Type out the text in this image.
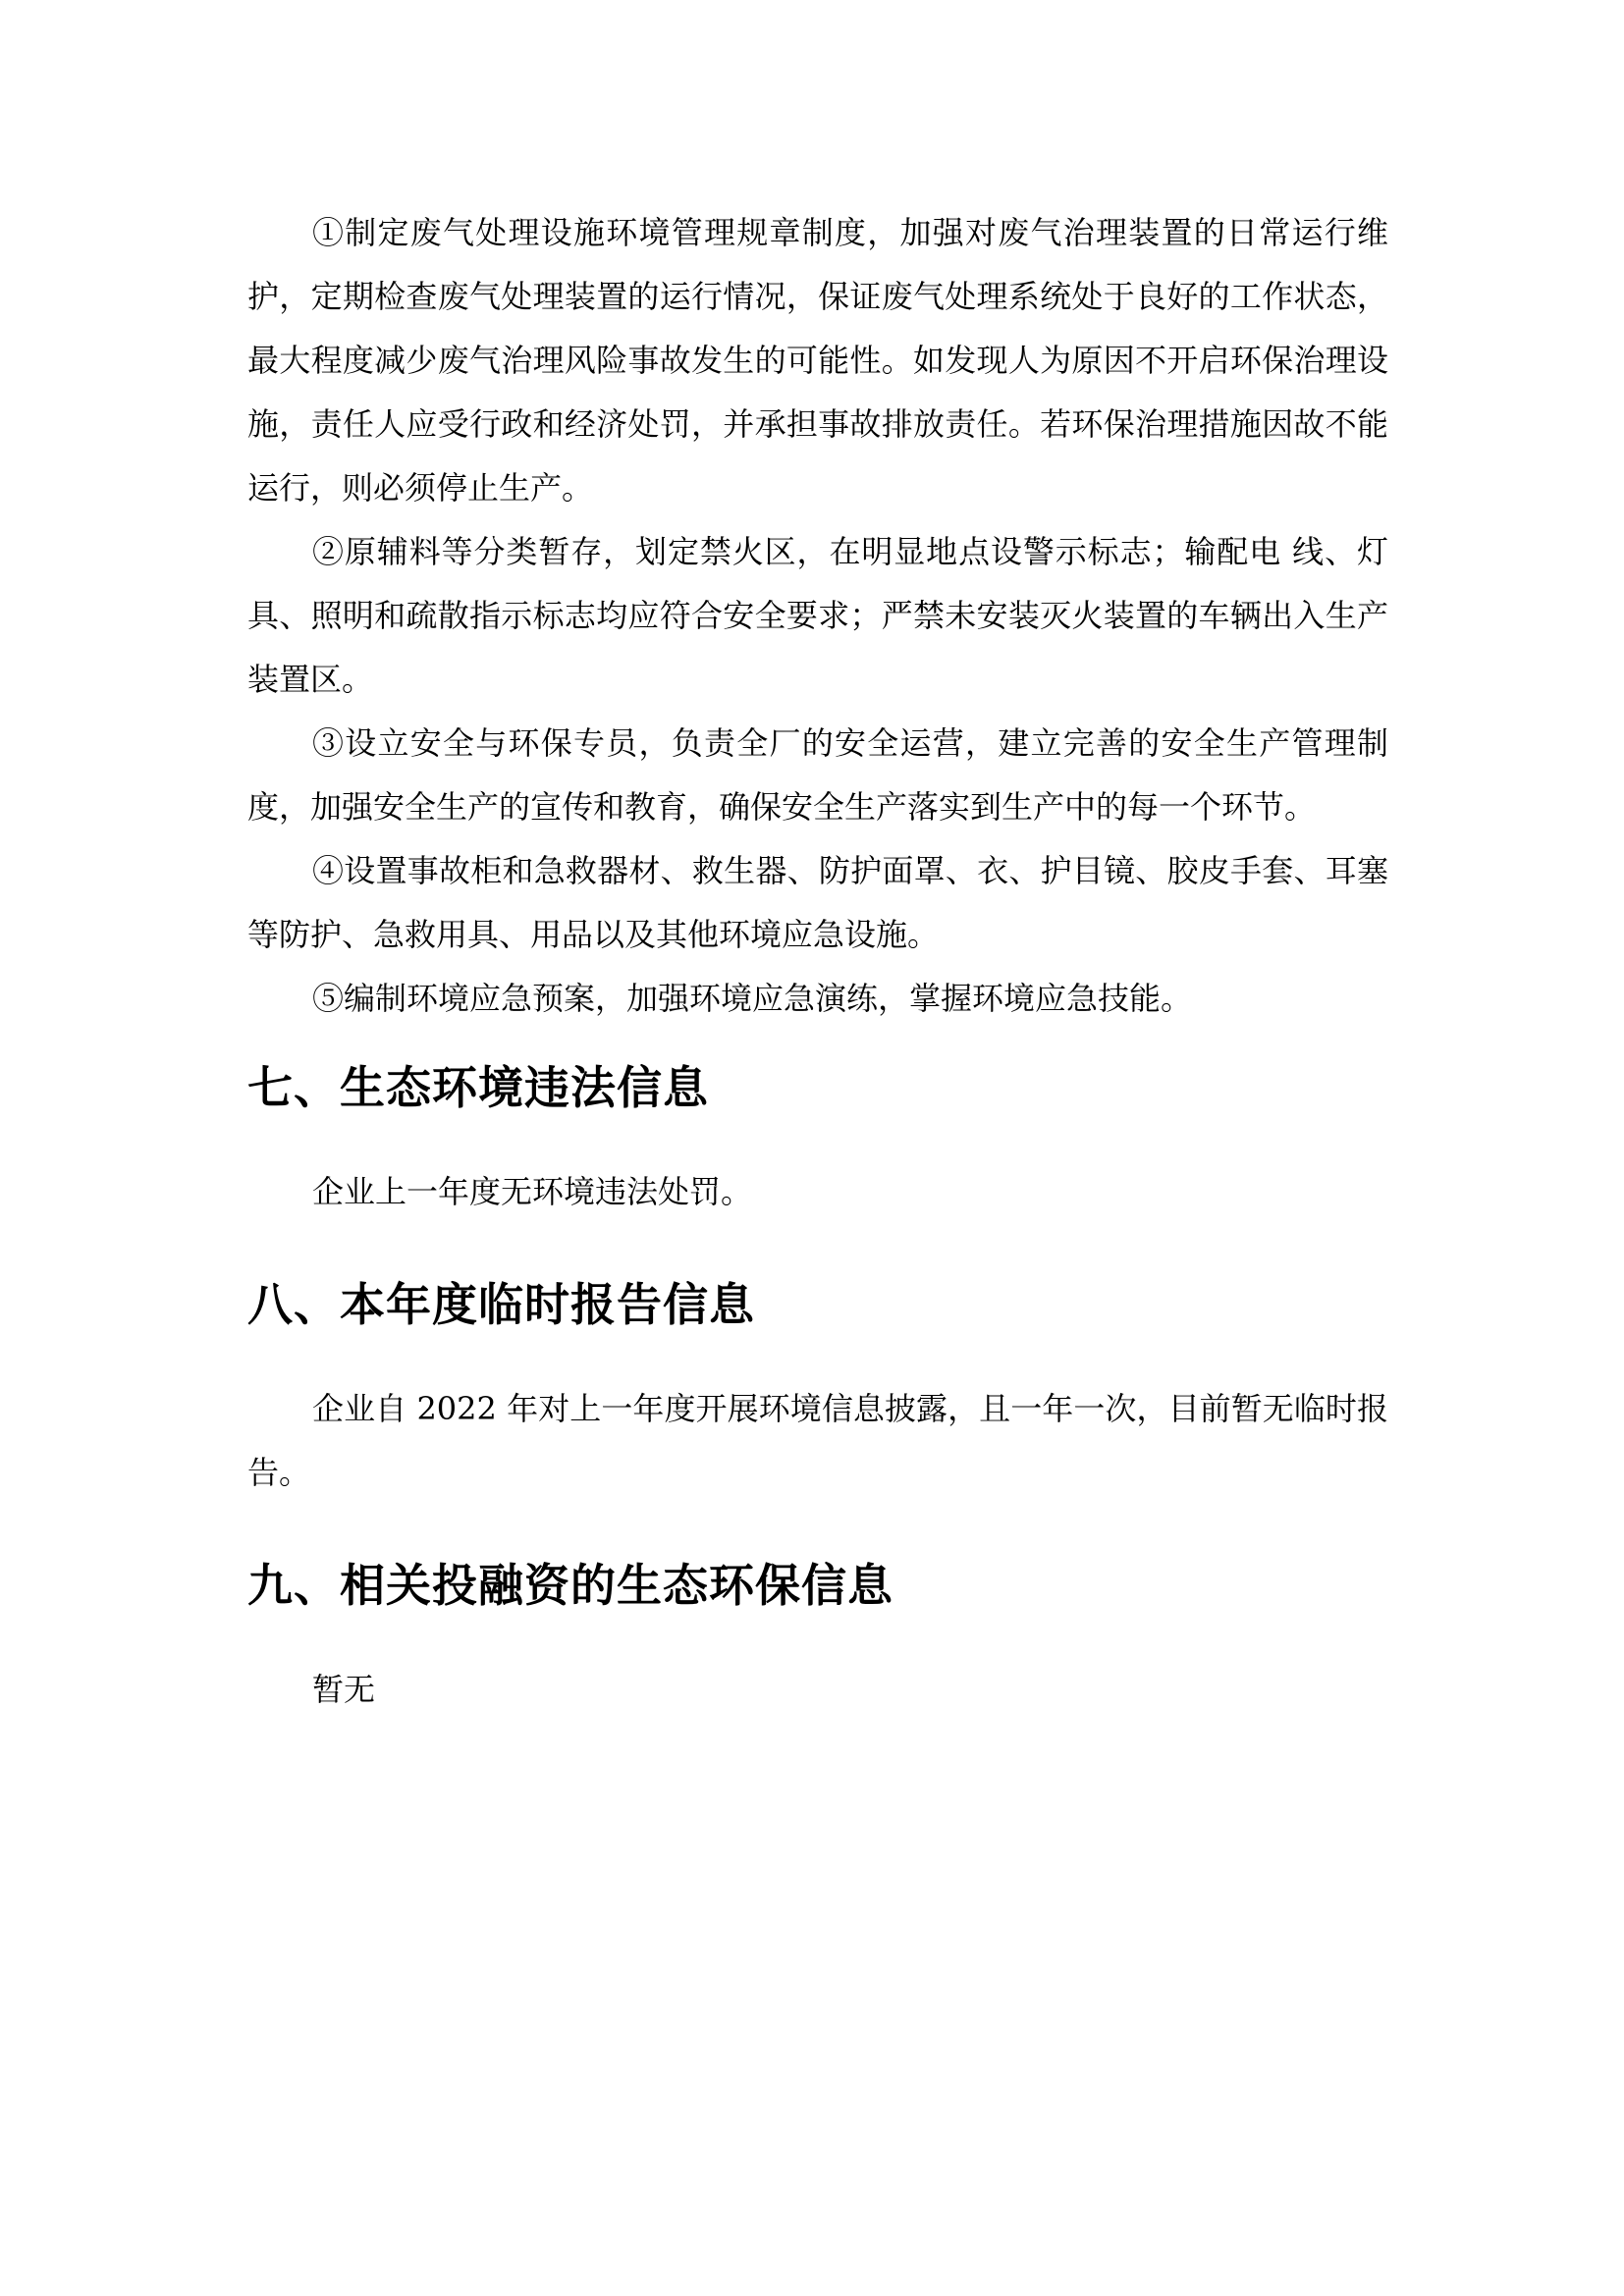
①制定废气处理设施环境管理规章制度，加强对废气治理装置的日常运行维护，定期检查废气处理装置的运行情况，保证废气处理系统处于良好的工作状态，最大程度减少废气治理风险事故发生的可能性。如发现人为原因不开启环保治理设施，责任人应受行政和经济处罚，并承担事故排放责任。若环保治理措施因故不能运行，则必须停止生产。

②原辅料等分类暂存，划定禁火区，在明显地点设警示标志；输配电 线、灯具、照明和疏散指示标志均应符合安全要求；严禁未安装灭火装置的车辆出入生产装置区。

③设立安全与环保专员，负责全厂的安全运营，建立完善的安全生产管理制度，加强安全生产的宣传和教育，确保安全生产落实到生产中的每一个环节。

④设置事故柜和急救器材、救生器、防护面罩、衣、护目镜、胶皮手套、耳塞等防护、急救用具、用品以及其他环境应急设施。

⑤编制环境应急预案，加强环境应急演练，掌握环境应急技能。

七、生态环境违法信息

企业上一年度无环境违法处罚。

八、本年度临时报告信息

企业自 2022 年对上一年度开展环境信息披露，且一年一次，目前暂无临时报告。

九、相关投融资的生态环保信息

暂无
